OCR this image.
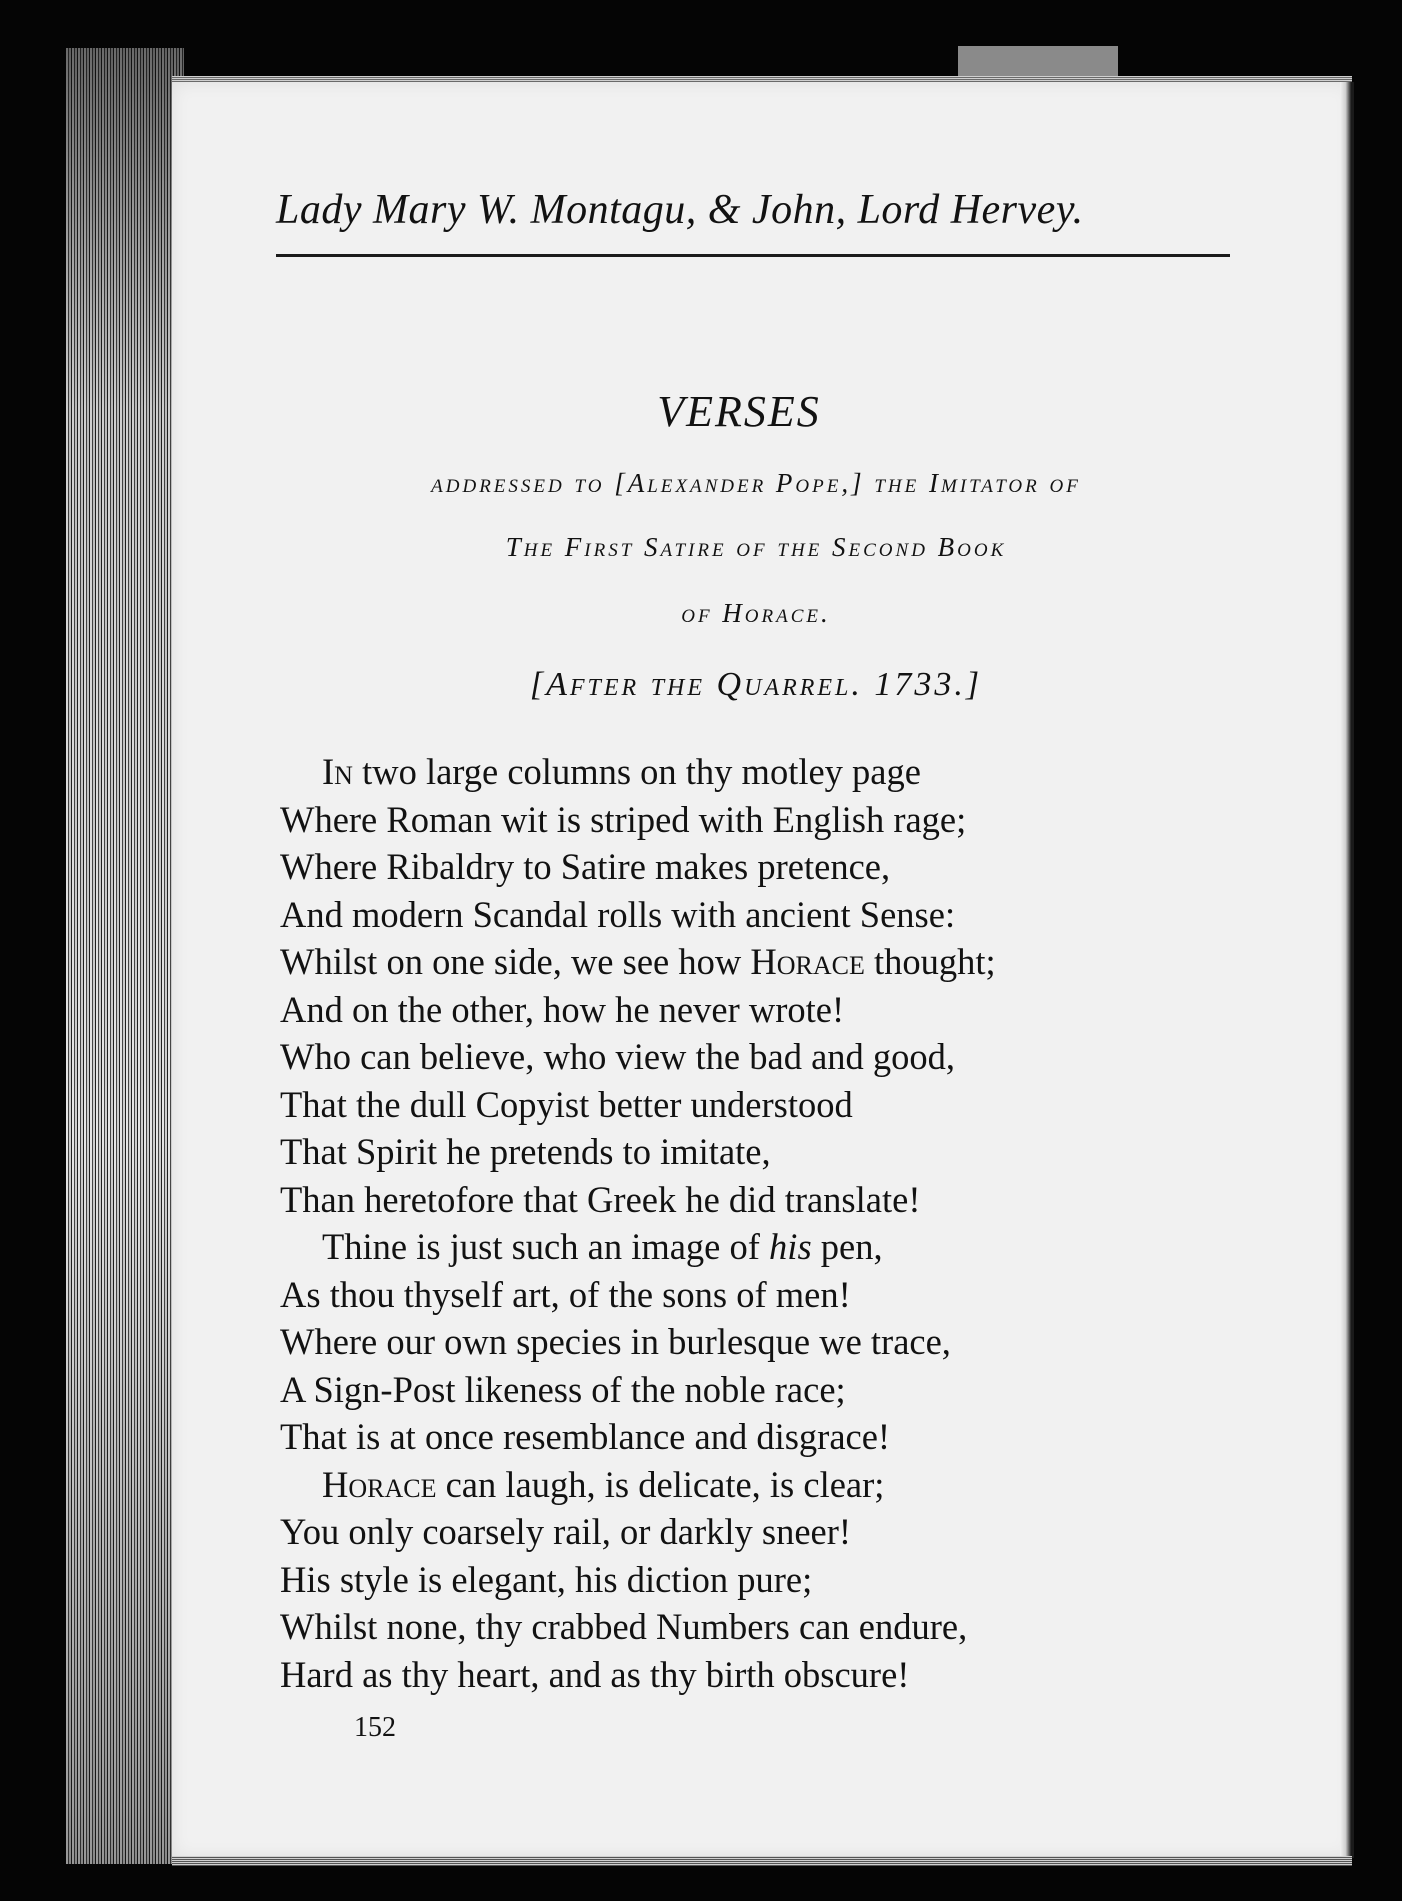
Lady Mary W. Montagu, & John, Lord Hervey.
VERSES
addressed to [Alexander Pope,] the Imitator of
The First Satire of the Second Book
of Horace.
[After the Quarrel. 1733.]
In two large columns on thy motley page
Where Roman wit is striped with English rage;
Where Ribaldry to Satire makes pretence,
And modern Scandal rolls with ancient Sense:
Whilst on one side, we see how Horace thought;
And on the other, how he never wrote!
Who can believe, who view the bad and good,
That the dull Copyist better understood
That Spirit he pretends to imitate,
Than heretofore that Greek he did translate!
Thine is just such an image of his pen,
As thou thyself art, of the sons of men!
Where our own species in burlesque we trace,
A Sign-Post likeness of the noble race;
That is at once resemblance and disgrace!
Horace can laugh, is delicate, is clear;
You only coarsely rail, or darkly sneer!
His style is elegant, his diction pure;
Whilst none, thy crabbed Numbers can endure,
Hard as thy heart, and as thy birth obscure!
152
